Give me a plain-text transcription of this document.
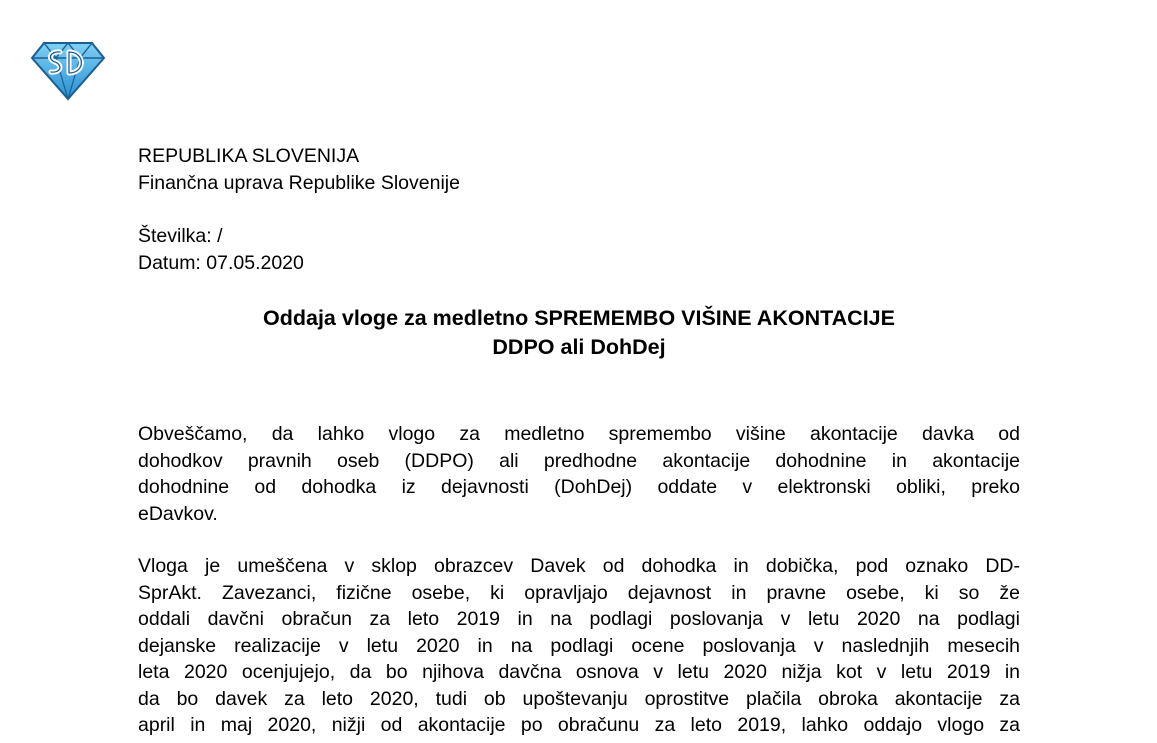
REPUBLIKA SLOVENIJA
Finančna uprava Republike Slovenije
Številka: /
Datum: 07.05.2020
Oddaja vloge za medletno SPREMEMBO VIŠINE AKONTACIJE
DDPO ali DohDej
Obveščamo, da lahko vlogo za medletno spremembo višine akontacije davka od
dohodkov pravnih oseb (DDPO) ali predhodne akontacije dohodnine in akontacije
dohodnine od dohodka iz dejavnosti (DohDej) oddate v elektronski obliki, preko
eDavkov.
Vloga je umeščena v sklop obrazcev Davek od dohodka in dobička, pod oznako DD-
SprAkt. Zavezanci, fizične osebe, ki opravljajo dejavnost in pravne osebe, ki so že
oddali davčni obračun za leto 2019 in na podlagi poslovanja v letu 2020 na podlagi
dejanske realizacije v letu 2020 in na podlagi ocene poslovanja v naslednjih mesecih
leta 2020 ocenjujejo, da bo njihova davčna osnova v letu 2020 nižja kot v letu 2019 in
da bo davek za leto 2020, tudi ob upoštevanju oprostitve plačila obroka akontacije za
april in maj 2020, nižji od akontacije po obračunu za leto 2019, lahko oddajo vlogo za
